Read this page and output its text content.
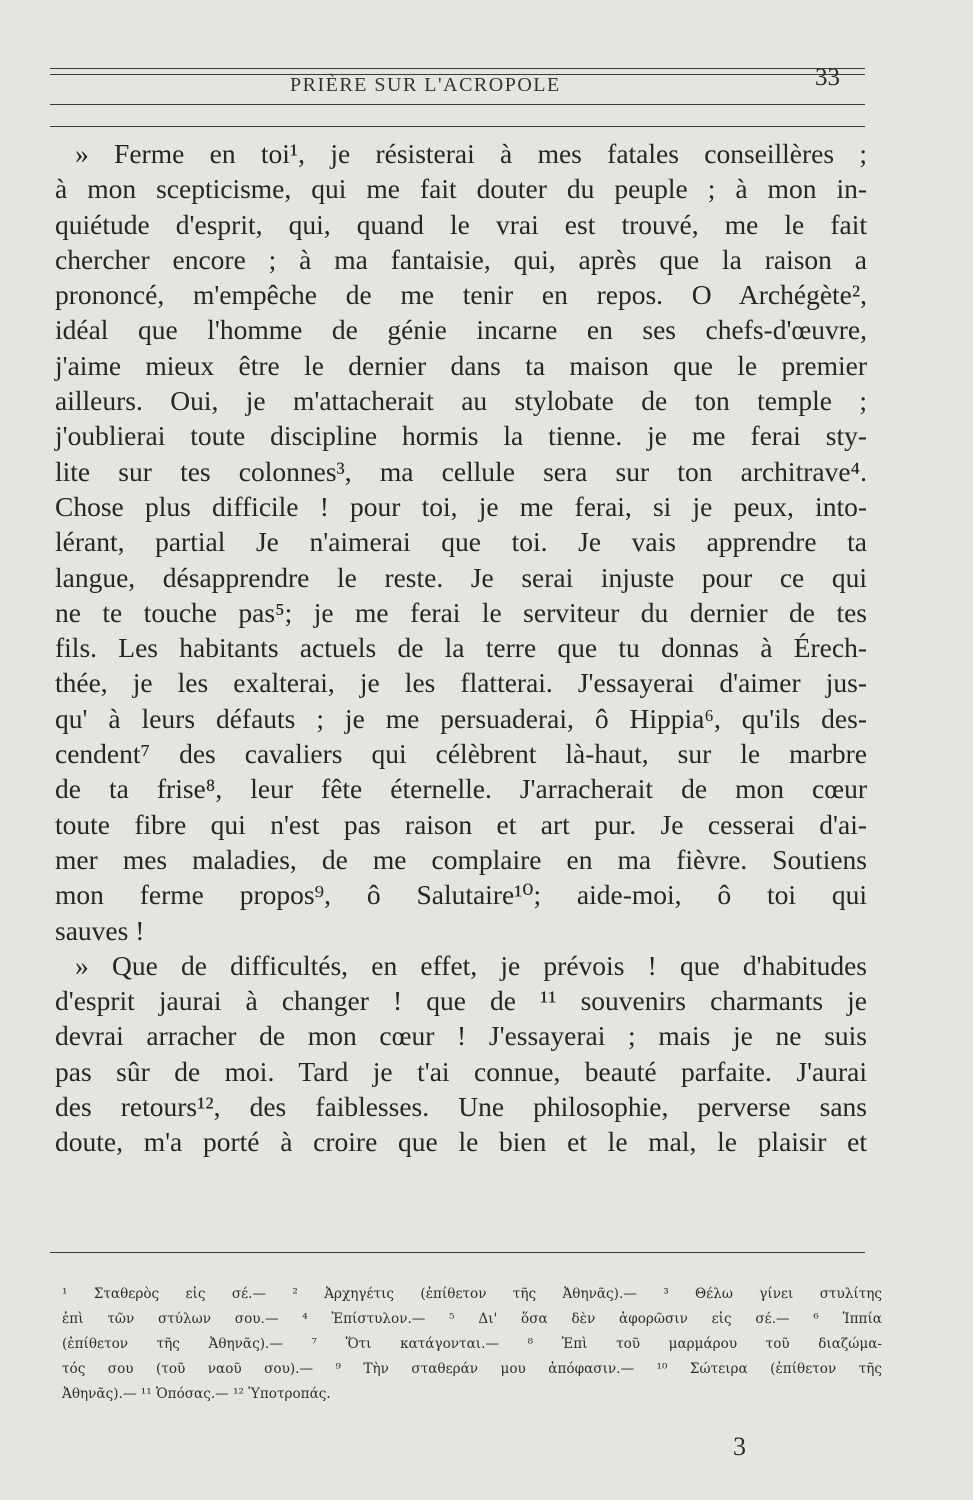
PRIÈRE SUR L'ACROPOLE	33
» Ferme en toi¹, je résisterai à mes fatales conseillères ;
à mon scepticisme, qui me fait douter du peuple ; à mon in-
quiétude d'esprit, qui, quand le vrai est trouvé, me le fait
chercher encore ; à ma fantaisie, qui, après que la raison a
prononcé, m'empêche de me tenir en repos. O Archégète²,
idéal que l'homme de génie incarne en ses chefs-d'œuvre,
j'aime mieux être le dernier dans ta maison que le premier
ailleurs. Oui, je m'attacherait au stylobate de ton temple ;
j'oublierai toute discipline hormis la tienne. je me ferai sty-
lite sur tes colonnes³, ma cellule sera sur ton architrave⁴.
Chose plus difficile ! pour toi, je me ferai, si je peux, into-
lérant, partial Je n'aimerai que toi. Je vais apprendre ta
langue, désapprendre le reste. Je serai injuste pour ce qui
ne te touche pas⁵; je me ferai le serviteur du dernier de tes
fils. Les habitants actuels de la terre que tu donnas à Érech-
thée, je les exalterai, je les flatterai. J'essayerai d'aimer jus-
qu' à leurs défauts ; je me persuaderai, ô Hippia⁶, qu'ils des-
cendent⁷ des cavaliers qui célèbrent là-haut, sur le marbre
de ta frise⁸, leur fête éternelle. J'arracherait de mon cœur
toute fibre qui n'est pas raison et art pur. Je cesserai d'ai-
mer mes maladies, de me complaire en ma fièvre. Soutiens
mon ferme propos⁹, ô Salutaire¹⁰; aide-moi, ô toi qui
sauves !
» Que de difficultés, en effet, je prévois ! que d'habitudes
d'esprit jaurai à changer ! que de ¹¹ souvenirs charmants je
devrai arracher de mon cœur ! J'essayerai ; mais je ne suis
pas sûr de moi. Tard je t'ai connue, beauté parfaite. J'aurai
des retours¹², des faiblesses. Une philosophie, perverse sans
doute, m'a porté à croire que le bien et le mal, le plaisir et
¹ Σταθερὸς εἰς σέ.— ² Ἀρχηγέτις (ἐπίθετον τῆς Ἀθηνᾶς).— ³ Θέλω γίνει στυλίτης
ἐπὶ τῶν στύλων σου.— ⁴ Ἐπίστυλον.— ⁵ Δι' ὅσα δὲν ἀφορῶσιν εἰς σέ.— ⁶ Ἱππία
(ἐπίθετον τῆς Ἀθηνᾶς).— ⁷ Ὅτι κατάγονται.— ⁸ Ἐπὶ τοῦ μαρμάρου τοῦ διαζώμα-
τός σου (τοῦ ναοῦ σου).— ⁹ Τὴν σταθεράν μου ἀπόφασιν.— ¹⁰ Σώτειρα (ἐπίθετον τῆς
Ἀθηνᾶς).— ¹¹ Ὁπόσας.— ¹² Ὑποτροπάς.
3
